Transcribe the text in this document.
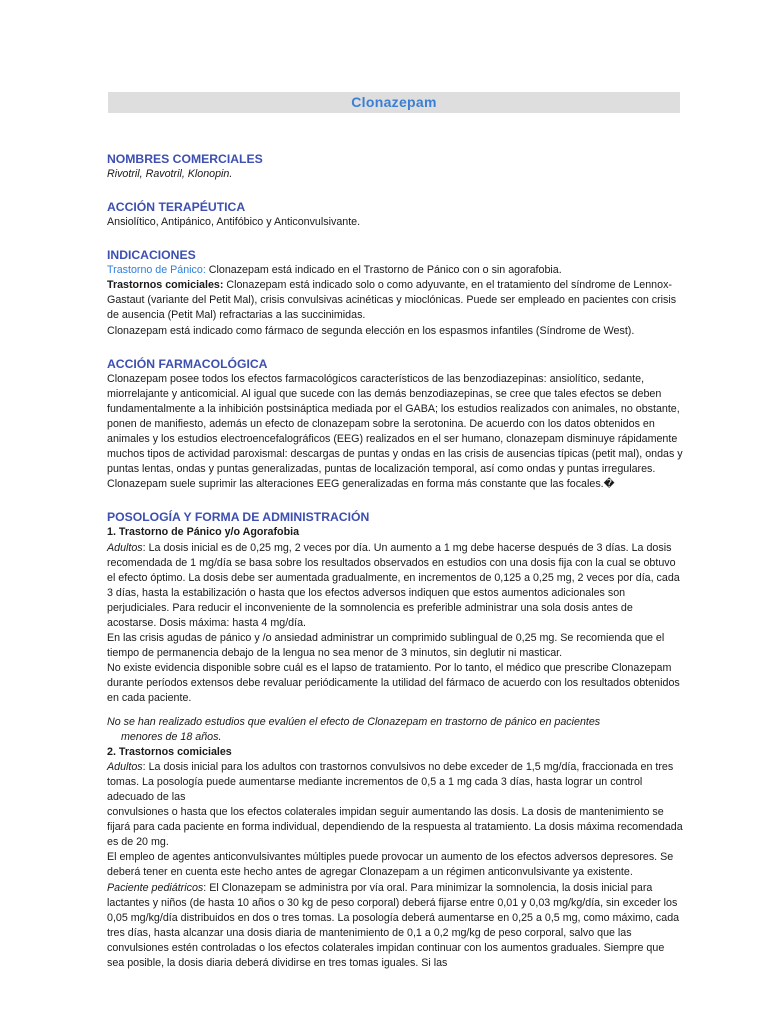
Clonazepam

NOMBRES COMERCIALES

Rivotril, Ravotril, Klonopin.

ACCIÓN TERAPÉUTICA

Ansiolítico, Antipánico, Antifóbico y Anticonvulsivante.

INDICACIONES

Trastorno de Pánico: Clonazepam está indicado en el Trastorno de Pánico con o sin agorafobia.

Trastornos comiciales: Clonazepam está indicado solo o como adyuvante, en el tratamiento del síndrome de Lennox-Gastaut (variante del Petit Mal), crisis convulsivas acinéticas y mioclónicas. Puede ser empleado en pacientes con crisis de ausencia (Petit Mal) refractarias a las succinimidas.

Clonazepam está indicado como fármaco de segunda elección en los espasmos infantiles (Síndrome de West).

ACCIÓN FARMACOLÓGICA

Clonazepam posee todos los efectos farmacológicos característicos de las benzodiazepinas: ansiolítico, sedante, miorrelajante y anticomicial. Al igual que sucede con las demás benzodiazepinas, se cree que tales efectos se deben fundamentalmente a la inhibición postsináptica mediada por el GABA; los estudios realizados con animales, no obstante, ponen de manifiesto, además un efecto de clonazepam sobre la serotonina. De acuerdo con los datos obtenidos en animales y los estudios electroencefalográficos (EEG) realizados en el ser humano, clonazepam disminuye rápidamente muchos tipos de actividad paroxismal: descargas de puntas y ondas en las crisis de ausencias típicas (petit mal), ondas y puntas lentas, ondas y puntas generalizadas, puntas de localización temporal, así como ondas y puntas irregulares.

Clonazepam suele suprimir las alteraciones EEG generalizadas en forma más constante que las focales.�

POSOLOGÍA Y FORMA DE ADMINISTRACIÓN

1. Trastorno de Pánico y/o Agorafobia

Adultos: La dosis inicial es de 0,25 mg, 2 veces por día. Un aumento a 1 mg debe hacerse después de 3 días. La dosis recomendada de 1 mg/día se basa sobre los resultados observados en estudios con una dosis fija con la cual se obtuvo el efecto óptimo. La dosis debe ser aumentada gradualmente, en incrementos de 0,125 a 0,25 mg, 2 veces por día, cada 3 días, hasta la estabilización o hasta que los efectos adversos indiquen que estos aumentos adicionales son perjudiciales. Para reducir el inconveniente de la somnolencia es preferible administrar una sola dosis antes de acostarse. Dosis máxima: hasta 4 mg/día.

En las crisis agudas de pánico y /o ansiedad administrar un comprimido sublingual de 0,25 mg. Se recomienda que el tiempo de permanencia debajo de la lengua no sea menor de 3 minutos, sin deglutir ni masticar.

No existe evidencia disponible sobre cuál es el lapso de tratamiento. Por lo tanto, el médico que prescribe Clonazepam durante períodos extensos debe revaluar periódicamente la utilidad del fármaco de acuerdo con los resultados obtenidos en cada paciente.

No se han realizado estudios que evalúen el efecto de Clonazepam en trastorno de pánico en pacientes
menores de 18 años.

2. Trastornos comiciales

Adultos: La dosis inicial para los adultos con trastornos convulsivos no debe exceder de 1,5 mg/día, fraccionada en tres tomas. La posología puede aumentarse mediante incrementos de 0,5 a 1 mg cada 3 días, hasta lograr un control adecuado de las

convulsiones o hasta que los efectos colaterales impidan seguir aumentando las dosis. La dosis de mantenimiento se fijará para cada paciente en forma individual, dependiendo de la respuesta al tratamiento. La dosis máxima recomendada es de 20 mg.

El empleo de agentes anticonvulsivantes múltiples puede provocar un aumento de los efectos adversos depresores. Se deberá tener en cuenta este hecho antes de agregar Clonazepam a un régimen anticonvulsivante ya existente.

Paciente pediátricos: El Clonazepam se administra por vía oral. Para minimizar la somnolencia, la dosis inicial para lactantes y niños (de hasta 10 años o 30 kg de peso corporal) deberá fijarse entre 0,01 y 0,03 mg/kg/día, sin exceder los 0,05 mg/kg/día distribuidos en dos o tres tomas. La posología deberá aumentarse en 0,25 a 0,5 mg, como máximo, cada tres días, hasta alcanzar una dosis diaria de mantenimiento de 0,1 a 0,2 mg/kg de peso corporal, salvo que las convulsiones estén controladas o los efectos colaterales impidan continuar con los aumentos graduales. Siempre que sea posible, la dosis diaria deberá dividirse en tres tomas iguales. Si las
